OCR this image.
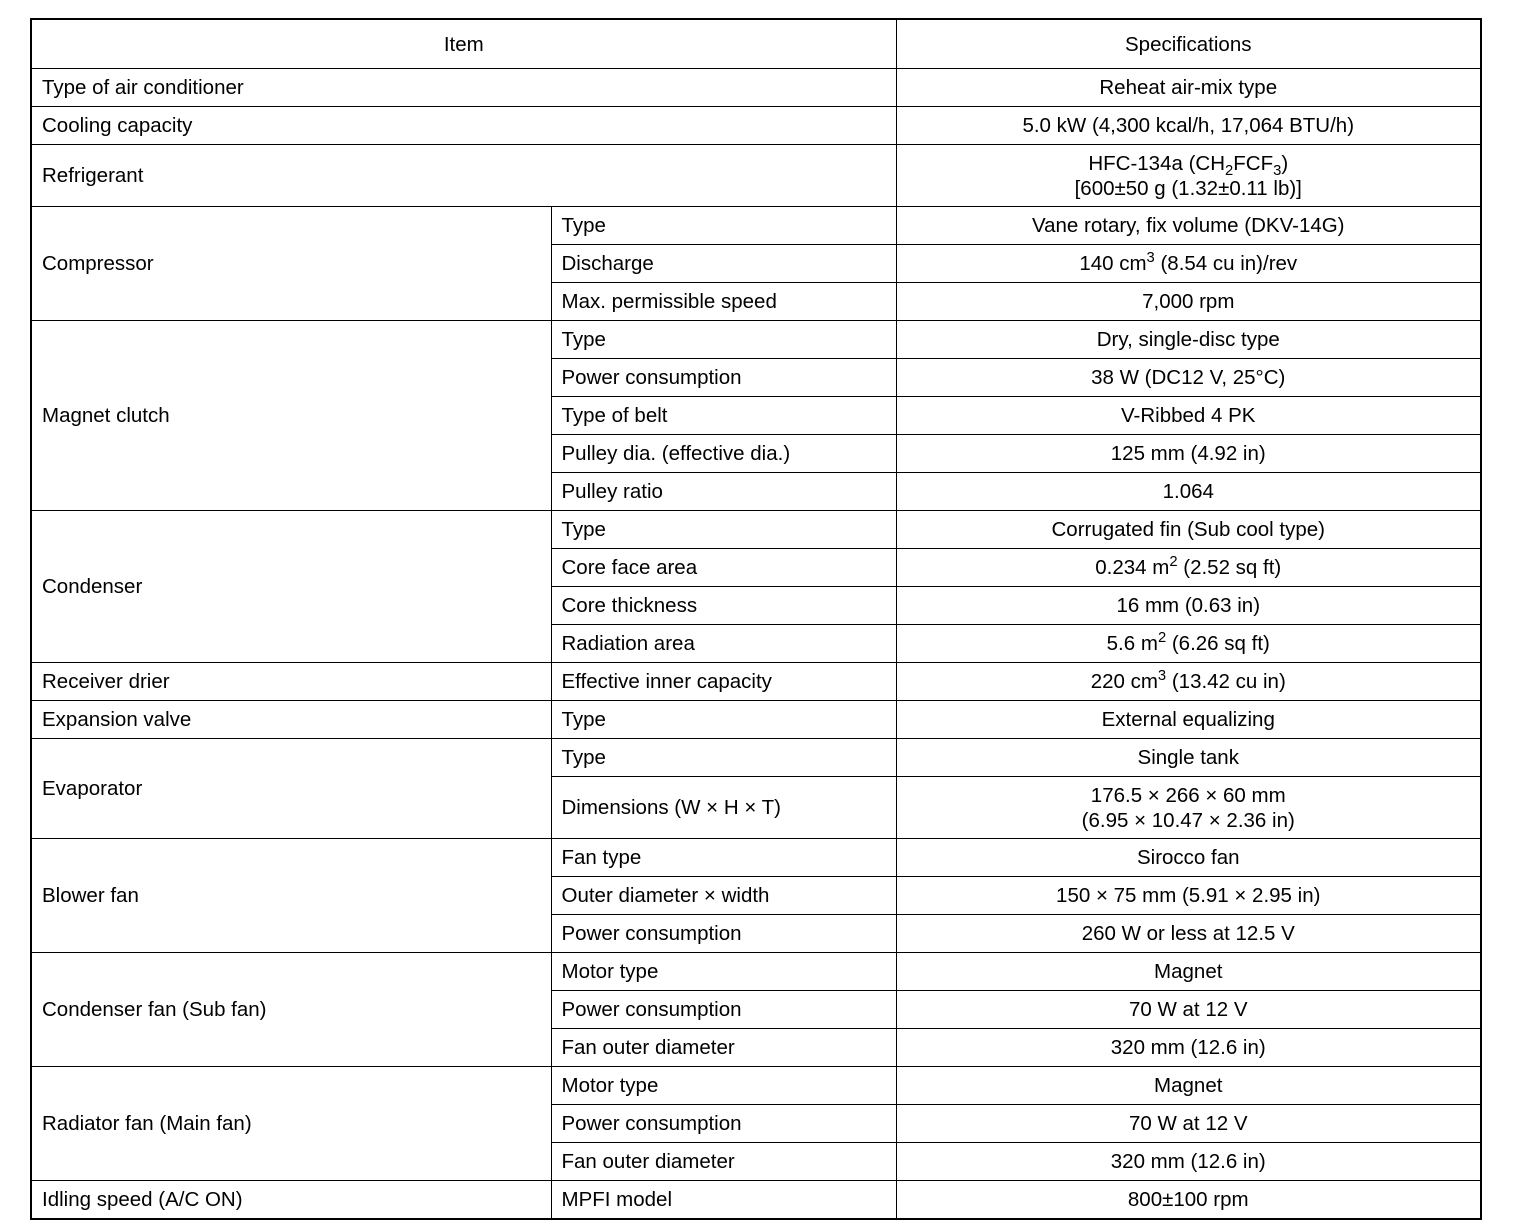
Item		Specifications
Type of air conditioner		Reheat air-mix type
Cooling capacity		5.0 kW (4,300 kcal/h, 17,064 BTU/h)
Refrigerant		HFC-134a $(CH_2FCF_3)$
[600±50 g (1.32±0.11 lb)]

Compressor	Type	Vane rotary, fix volume (DKV-14G)
	Discharge	140 $cm^3$ (8.54 cu in)/rev
	Max. permissible speed	7,000 rpm
Magnet clutch	Type	Dry, single-disc type
	Power consumption	38 W (DC12 V, 25°C)
	Type of belt	V-Ribbed 4 PK
	Pulley dia. (effective dia.)	125 mm (4.92 in)
	Pulley ratio	1.064
Condenser	Type	Corrugated fin (Sub cool type)
	Core face area	0.234 $m^2$ (2.52 sq ft)
	Core thickness	16 mm (0.63 in)
	Radiation area	5.6 $m^2$ (6.26 sq ft)
Receiver drier	Effective inner capacity	220 $cm^3$ (13.42 cu in)
Expansion valve	Type	External equalizing
Evaporator	Type	Single tank
	Dimensions (W × H × T)	176.5 × 266 × 60 mm
(6.95 × 10.47 × 2.36 in)

Blower fan	Fan type	Sirocco fan
	Outer diameter × width	150 × 75 mm (5.91 × 2.95 in)
	Power consumption	260 W or less at 12.5 V
Condenser fan (Sub fan)	Motor type	Magnet
	Power consumption	70 W at 12 V
	Fan outer diameter	320 mm (12.6 in)
Radiator fan (Main fan)	Motor type	Magnet
	Power consumption	70 W at 12 V
	Fan outer diameter	320 mm (12.6 in)
Idling speed (A/C ON)	MPFI model	800±100 rpm
